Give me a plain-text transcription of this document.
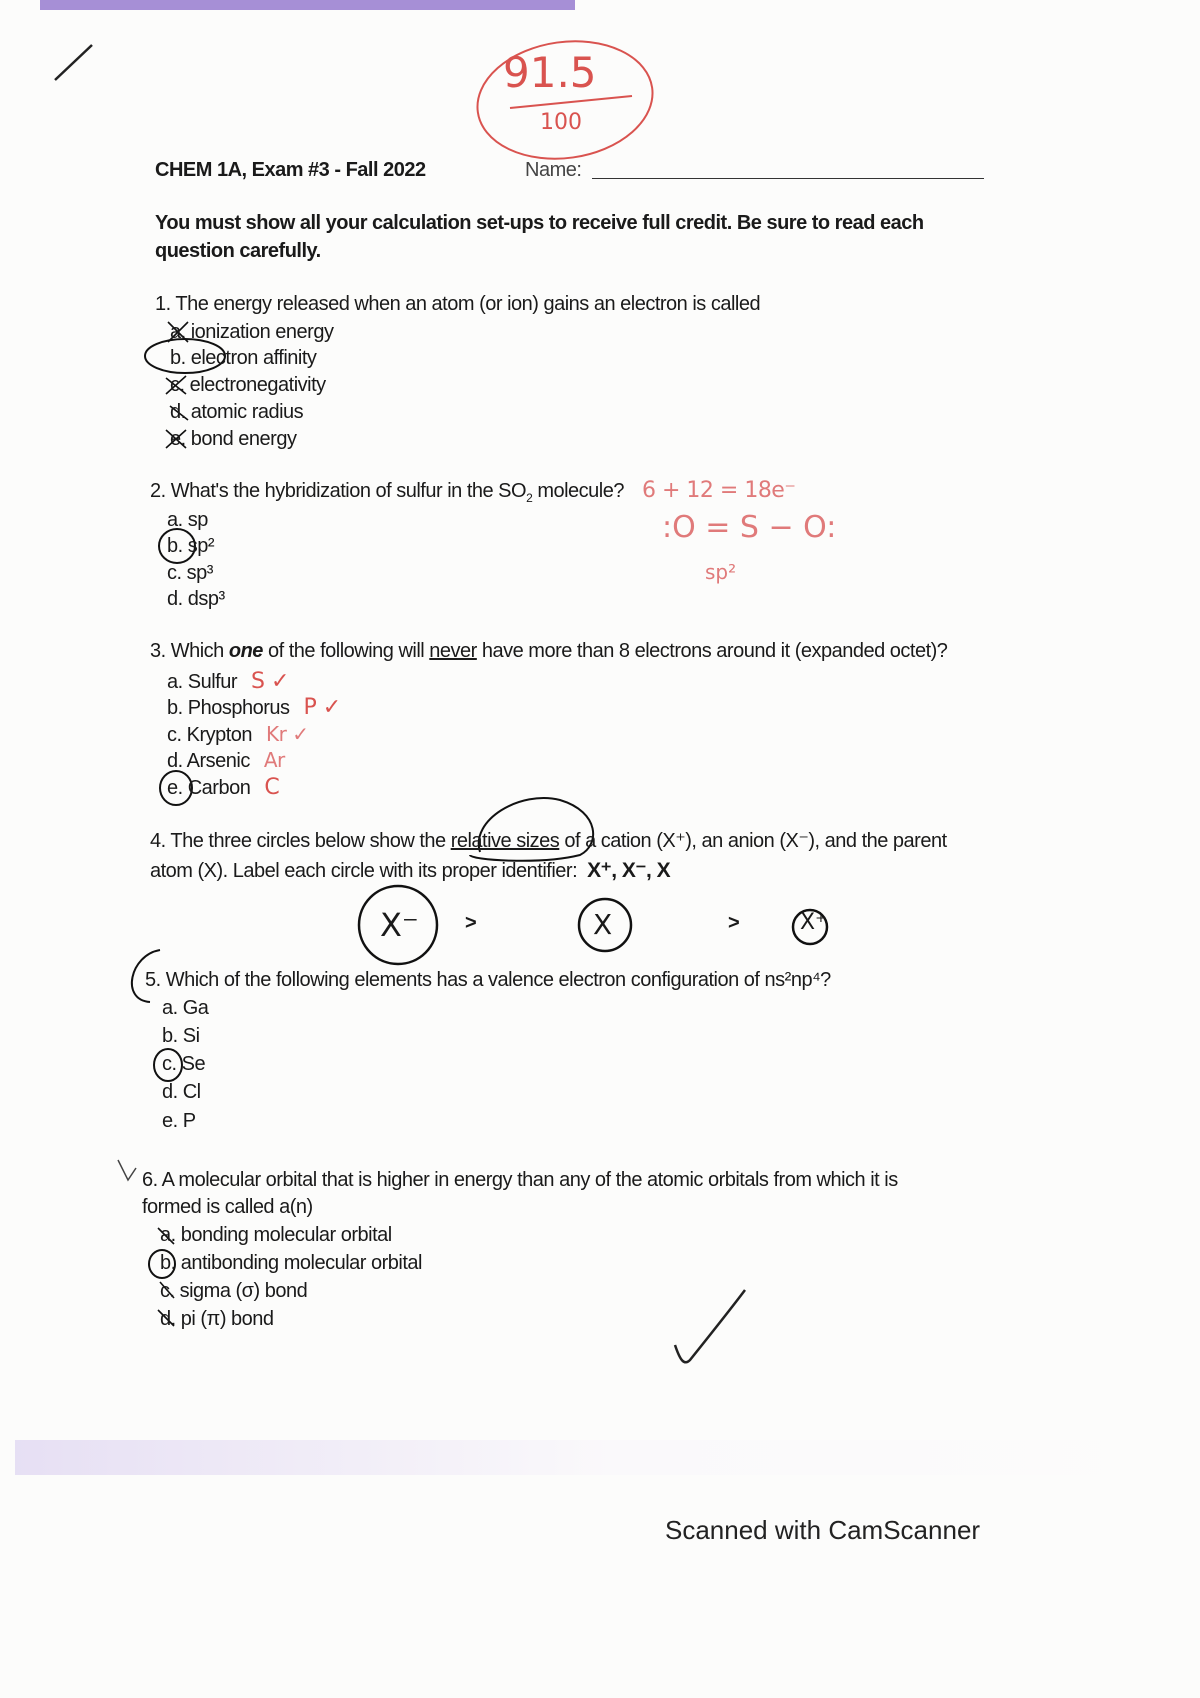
91.5
100
CHEM 1A, Exam #3 - Fall 2022	Name:
You must show all your calculation set-ups to receive full credit. Be sure to read each
question carefully.
1. The energy released when an atom (or ion) gains an electron is called
a. ionization energy
b. electron affinity
c. electronegativity
d. atomic radius
e. bond energy
2. What's the hybridization of sulfur in the $SO_2$ molecule? 6 + 12 = 18e⁻
a. sp
b. sp²
c. sp³
d. dsp³
:O = S − O:
sp²
3. Which one of the following will never have more than 8 electrons around it (expanded octet)?
a. Sulfur S ✓
b. Phosphorus P ✓
c. Krypton Kr ✓
d. Arsenic Ar
e. Carbon C
4. The three circles below show the relative sizes of a cation (X⁺), an anion (X⁻), and the parent
atom (X). Label each circle with its proper identifier: X⁺, X⁻, X
X⁻	X	X⁺
>	>
5. Which of the following elements has a valence electron configuration of ns²np⁴?
a. Ga
b. Si
c. Se
d. Cl
e. P
6. A molecular orbital that is higher in energy than any of the atomic orbitals from which it is
formed is called a(n)
a. bonding molecular orbital
b. antibonding molecular orbital
c. sigma (σ) bond
d. pi (π) bond
Scanned with CamScanner
